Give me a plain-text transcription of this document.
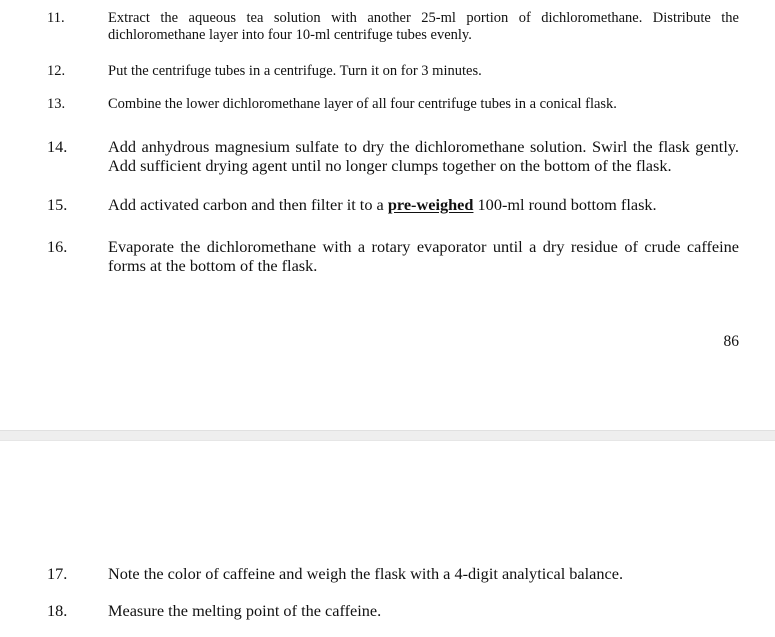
11.	Extract the aqueous tea solution with another 25-ml portion of dichloromethane. Distribute the dichloromethane layer into four 10-ml centrifuge tubes evenly.
12.	Put the centrifuge tubes in a centrifuge. Turn it on for 3 minutes.
13.	Combine the lower dichloromethane layer of all four centrifuge tubes in a conical flask.
14. Add anhydrous magnesium sulfate to dry the dichloromethane solution. Swirl the flask gently. Add sufficient drying agent until no longer clumps together on the bottom of the flask.
15. Add activated carbon and then filter it to a pre-weighed 100-ml round bottom flask.
16. Evaporate the dichloromethane with a rotary evaporator until a dry residue of crude caffeine forms at the bottom of the flask.
86
17. Note the color of caffeine and weigh the flask with a 4-digit analytical balance.
18. Measure the melting point of the caffeine.
